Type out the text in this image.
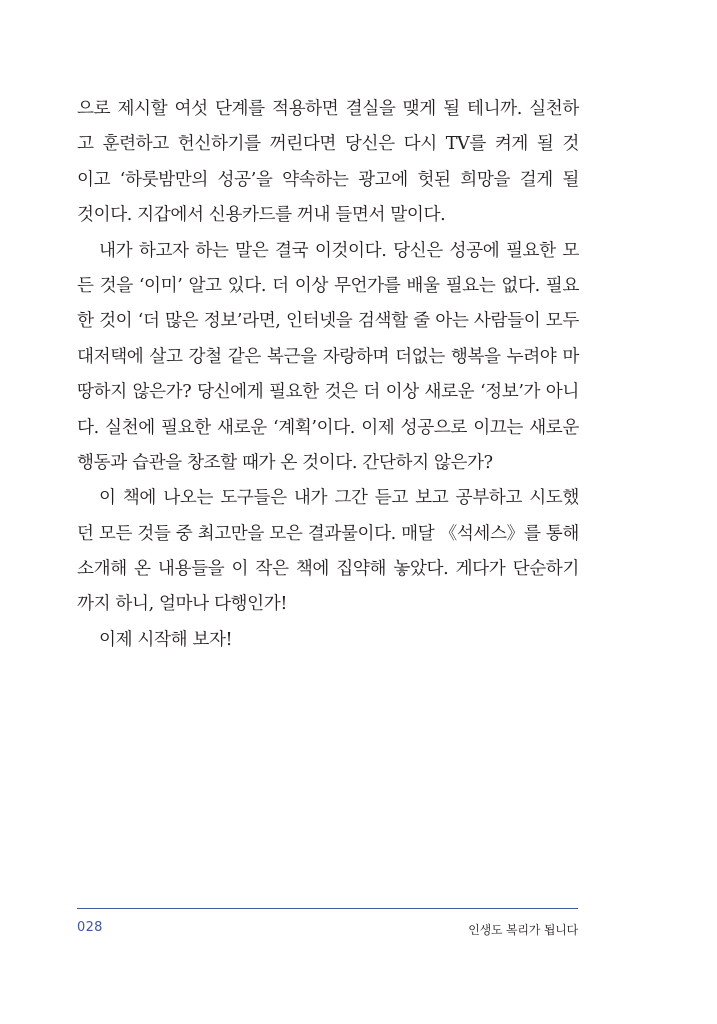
으로 제시할 여섯 단계를 적용하면 결실을 맺게 될 테니까. 실천하
고 훈련하고 헌신하기를 꺼린다면 당신은 다시 TV를 켜게 될 것
이고 ‘하룻밤만의 성공’을 약속하는 광고에 헛된 희망을 걸게 될
것이다. 지갑에서 신용카드를 꺼내 들면서 말이다.
내가 하고자 하는 말은 결국 이것이다. 당신은 성공에 필요한 모
든 것을 ‘이미’ 알고 있다. 더 이상 무언가를 배울 필요는 없다. 필요
한 것이 ‘더 많은 정보’라면, 인터넷을 검색할 줄 아는 사람들이 모두
대저택에 살고 강철 같은 복근을 자랑하며 더없는 행복을 누려야 마
땅하지 않은가? 당신에게 필요한 것은 더 이상 새로운 ‘정보’가 아니
다. 실천에 필요한 새로운 ‘계획’이다. 이제 성공으로 이끄는 새로운
행동과 습관을 창조할 때가 온 것이다. 간단하지 않은가?
이 책에 나오는 도구들은 내가 그간 듣고 보고 공부하고 시도했
던 모든 것들 중 최고만을 모은 결과물이다. 매달 《석세스》를 통해
소개해 온 내용들을 이 작은 책에 집약해 놓았다. 게다가 단순하기
까지 하니, 얼마나 다행인가!
이제 시작해 보자!
028	인생도 복리가 됩니다
